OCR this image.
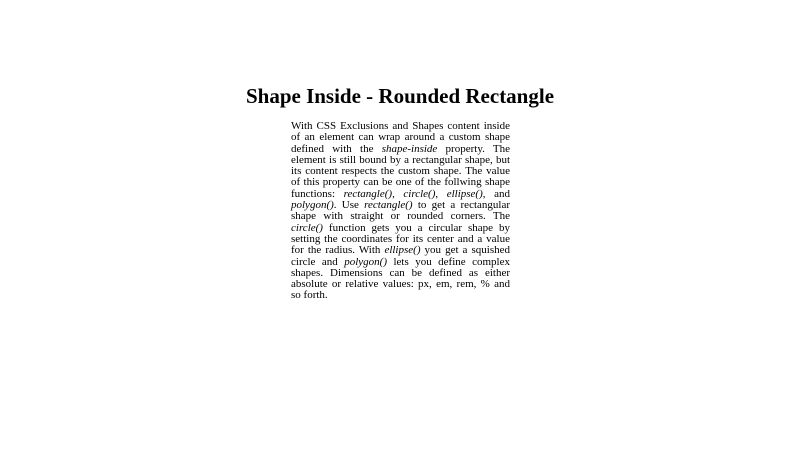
Shape Inside - Rounded Rectangle
With CSS Exclusions and Shapes content inside of an element can wrap around a custom shape defined with the shape-inside property. The element is still bound by a rectangular shape, but its content respects the custom shape. The value of this property can be one of the follwing shape functions: rectangle(), circle(), ellipse(), and polygon(). Use rectangle() to get a rectangular shape with straight or rounded corners. The circle() function gets you a circular shape by setting the coordinates for its center and a value for the radius. With ellipse() you get a squished circle and polygon() lets you define complex shapes. Dimensions can be defined as either absolute or relative values: px, em, rem, % and so forth.
